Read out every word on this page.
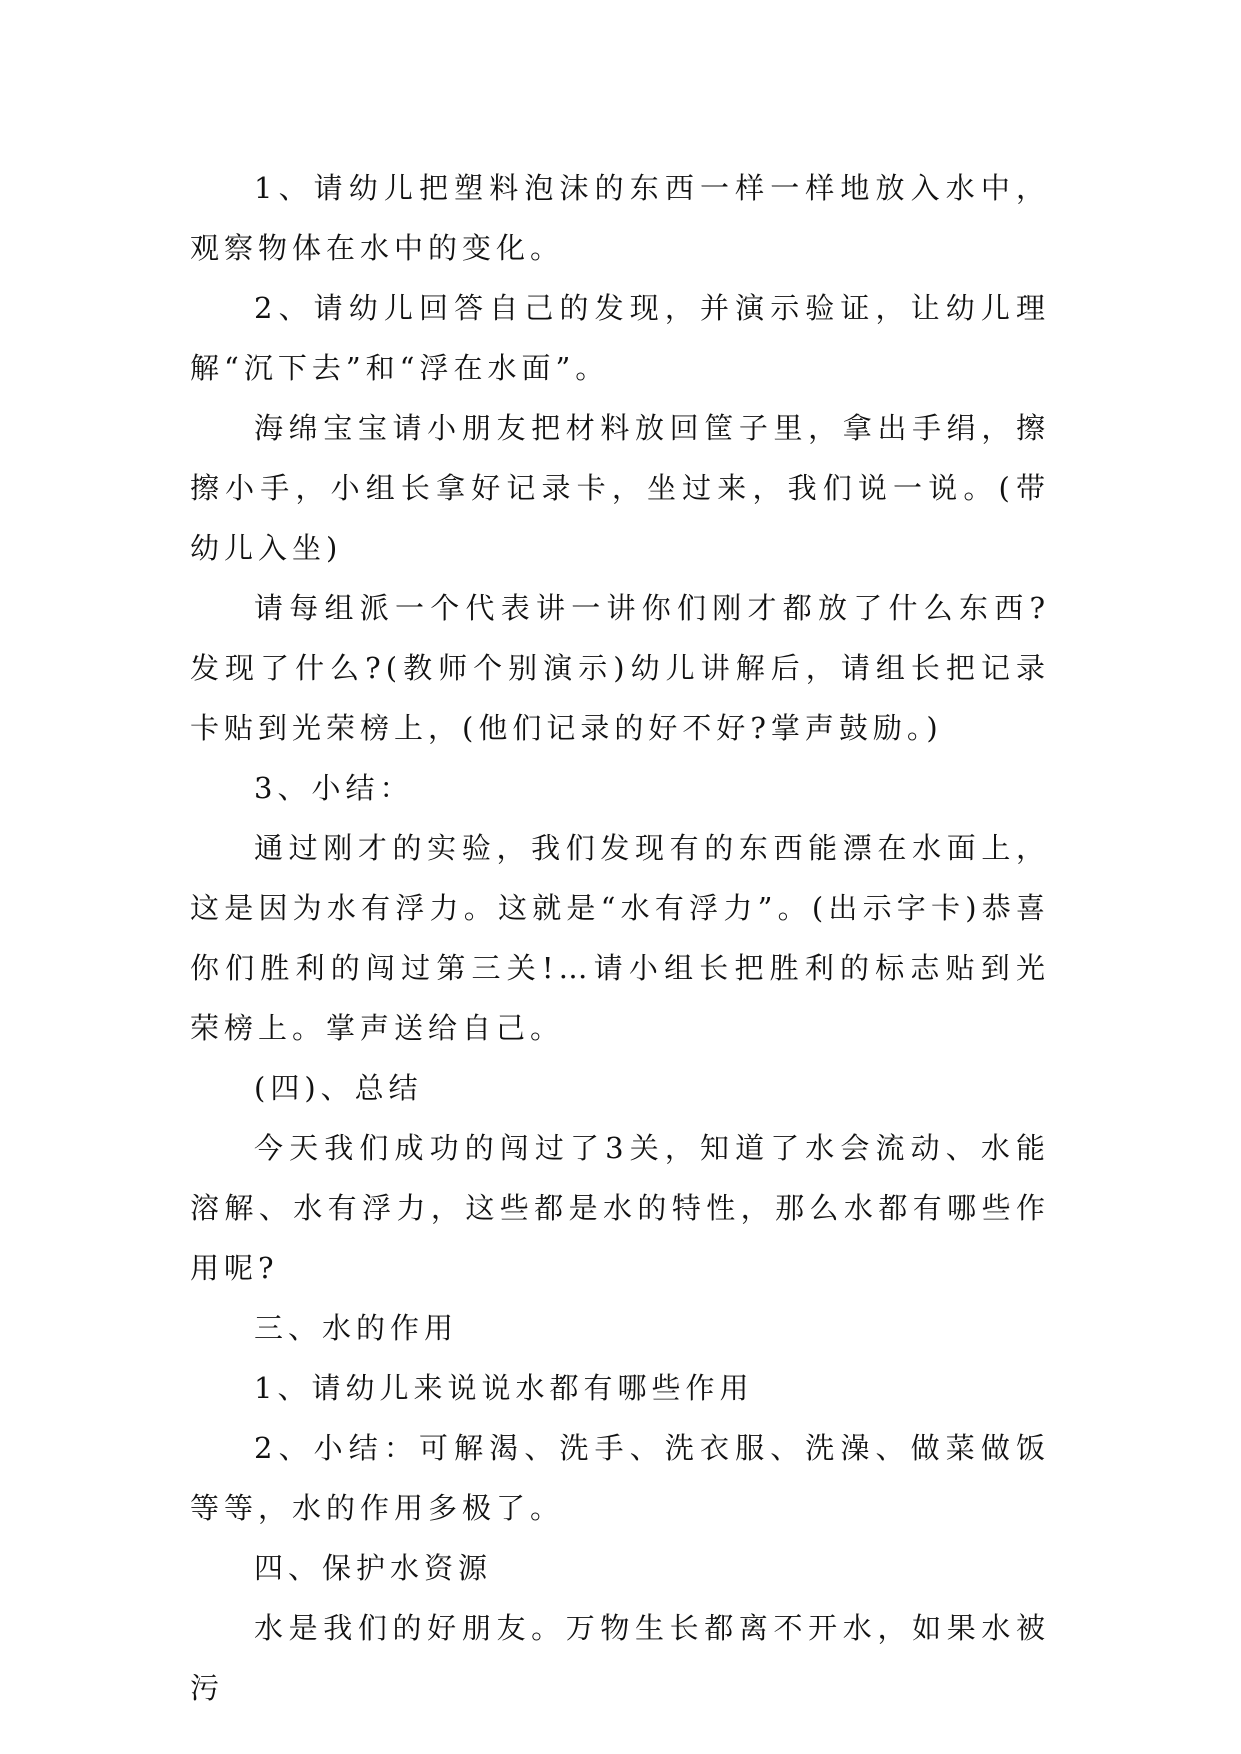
1、请幼儿把塑料泡沫的东西一样一样地放入水中，观察物体在水中的变化。

2、请幼儿回答自己的发现，并演示验证，让幼儿理解“沉下去”和“浮在水面”。

海绵宝宝请小朋友把材料放回筐子里，拿出手绢，擦擦小手，小组长拿好记录卡，坐过来，我们说一说。(带幼儿入坐)

请每组派一个代表讲一讲你们刚才都放了什么东西?发现了什么?(教师个别演示)幼儿讲解后，请组长把记录卡贴到光荣榜上，(他们记录的好不好?掌声鼓励。)

3、小结：

通过刚才的实验，我们发现有的东西能漂在水面上，这是因为水有浮力。这就是“水有浮力”。(出示字卡)恭喜你们胜利的闯过第三关!…请小组长把胜利的标志贴到光荣榜上。掌声送给自己。

(四)、总结

今天我们成功的闯过了3关，知道了水会流动、水能溶解、水有浮力，这些都是水的特性，那么水都有哪些作用呢?

三、水的作用

1、请幼儿来说说水都有哪些作用

2、小结：可解渴、洗手、洗衣服、洗澡、做菜做饭等等，水的作用多极了。

四、保护水资源

水是我们的好朋友。万物生长都离不开水，如果水被污
